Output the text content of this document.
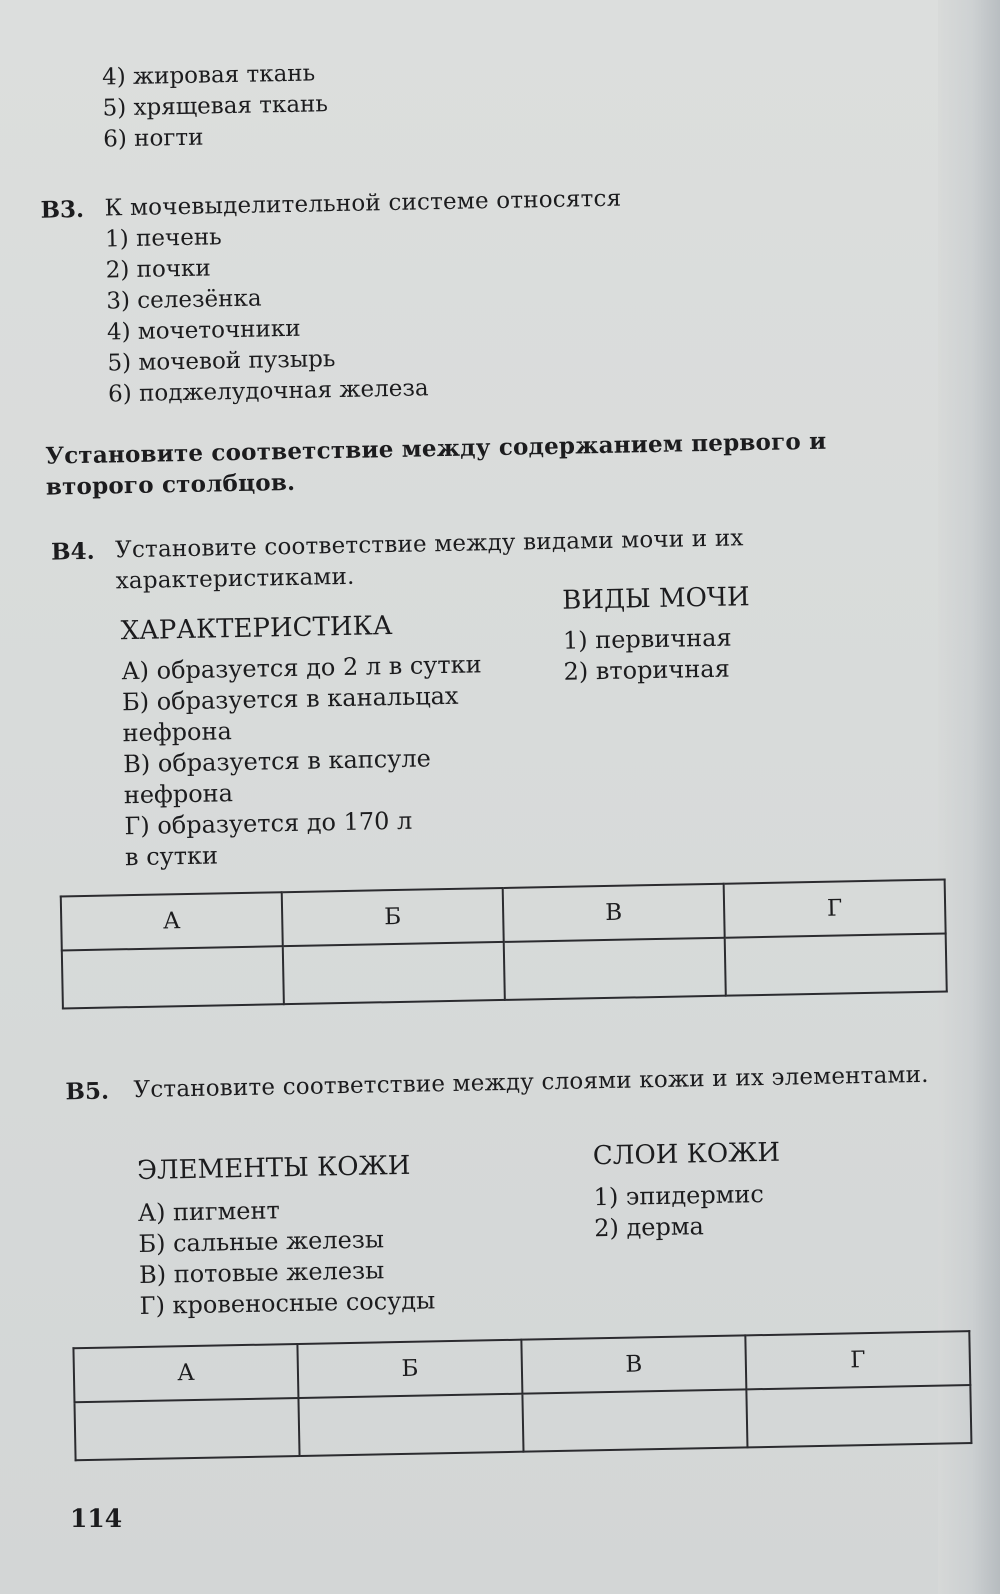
4) жировая ткань
5) хрящевая ткань
6) ногти
В3. К мочевыделительной системе относятся
1) печень
2) почки
3) селезёнка
4) мочеточники
5) мочевой пузырь
6) поджелудочная железа
Установите соответствие между содержанием первого и второго столбцов.
В4. Установите соответствие между видами мочи и их характеристиками.
ХАРАКТЕРИСТИКА
А) образуется до 2 л в сутки
Б) образуется в канальцах нефрона
В) образуется в капсуле нефрона
Г) образуется до 170 л в сутки
ВИДЫ МОЧИ
1) первичная
2) вторичная
А	Б	В	Г

В5. Установите соответствие между слоями кожи и их элементами.
ЭЛЕМЕНТЫ КОЖИ
А) пигмент
Б) сальные железы
В) потовые железы
Г) кровеносные сосуды
СЛОИ КОЖИ
1) эпидермис
2) дерма
А	Б	В	Г

114
